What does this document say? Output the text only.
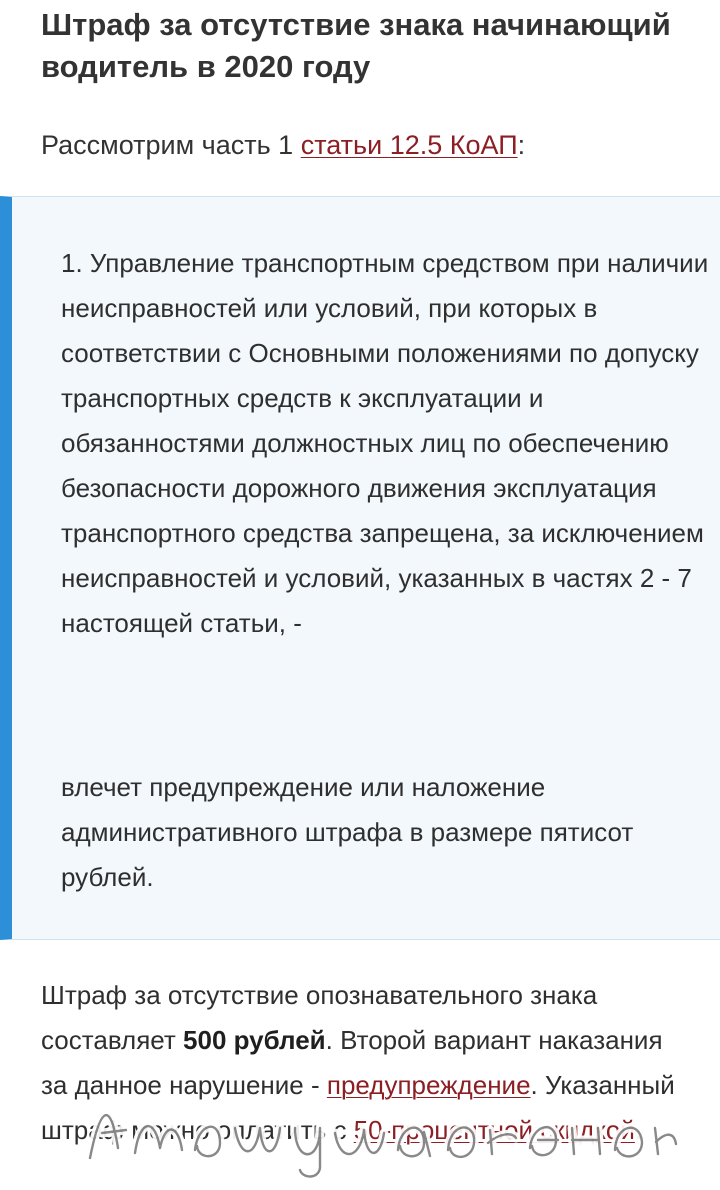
Штраф за отсутствие знака начинающий водитель в 2020 году
Рассмотрим часть 1 статьи 12.5 КоАП:
1. Управление транспортным средством при наличии неисправностей или условий, при которых в соответствии с Основными положениями по допуску транспортных средств к эксплуатации и обязанностями должностных лиц по обеспечению безопасности дорожного движения эксплуатация транспортного средства запрещена, за исключением неисправностей и условий, указанных в частях 2 - 7 настоящей статьи, -
влечет предупреждение или наложение административного штрафа в размере пятисот рублей.
Штраф за отсутствие опознавательного знака составляет 500 рублей. Второй вариант наказания за данное нарушение - предупреждение. Указанный штраф можно оплатить с 50-процентной скидкой.
